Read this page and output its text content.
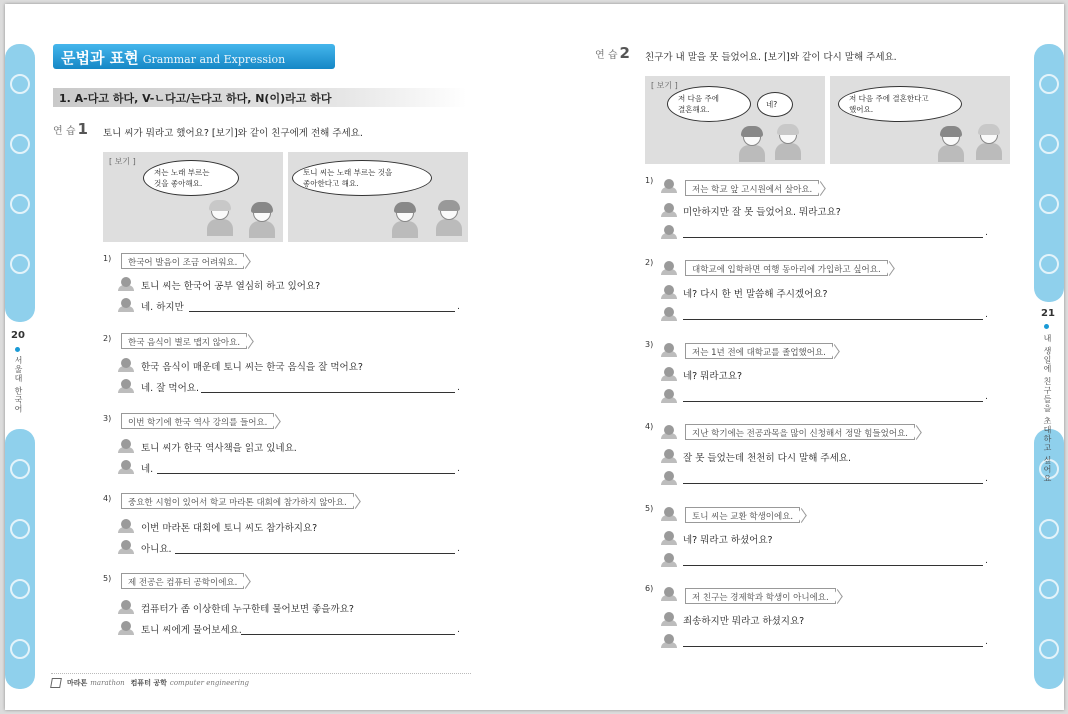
20
서울대 한국어
21
내 생일에 친구들을 초대하고 싶어요
문법과 표현 Grammar and Expression
1. A-다고 하다, V-ㄴ다고/는다고 하다, N(이)라고 하다
연 습 1 토니 씨가 뭐라고 했어요? [보기]와 같이 친구에게 전해 주세요.
[ 보기 ]
저는 노래 부르는
것을 좋아해요.
토니 씨는 노래 부르는 것을
좋아한다고 해요.
1)	한국어 발음이 조금 어려워요.
토니 씨는 한국어 공부 열심히 하고 있어요?
네. 하지만
.
2)	한국 음식이 별로 맵지 않아요.
한국 음식이 매운데 토니 씨는 한국 음식을 잘 먹어요?
네. 잘 먹어요.
.
3)	이번 학기에 한국 역사 강의를 들어요.
토니 씨가 한국 역사책을 읽고 있네요.
네.
.
4)	중요한 시험이 있어서 학교 마라톤 대회에 참가하지 않아요.
이번 마라톤 대회에 토니 씨도 참가하지요?
아니요.
.
5)	제 전공은 컴퓨터 공학이에요.
컴퓨터가 좀 이상한데 누구한테 물어보면 좋을까요?
토니 씨에게 물어보세요.
.
마라톤 marathon 컴퓨터 공학 computer engineering
연 습 2 친구가 내 말을 못 들었어요. [보기]와 같이 다시 말해 주세요.
[ 보기 ]
저 다음 주에
결혼해요.
네?
저 다음 주에 결혼한다고
했어요.
1)
저는 학교 앞 고시원에서 살아요.
미안하지만 잘 못 들었어요. 뭐라고요?
.
2)
대학교에 입학하면 여행 동아리에 가입하고 싶어요.
네? 다시 한 번 말씀해 주시겠어요?
.
3)
저는 1년 전에 대학교를 졸업했어요.
네? 뭐라고요?
.
4)
지난 학기에는 전공과목을 많이 신청해서 정말 힘들었어요.
잘 못 들었는데 천천히 다시 말해 주세요.
.
5)
토니 씨는 교환 학생이에요.
네? 뭐라고 하셨어요?
.
6)
저 친구는 경제학과 학생이 아니에요.
죄송하지만 뭐라고 하셨지요?
.
